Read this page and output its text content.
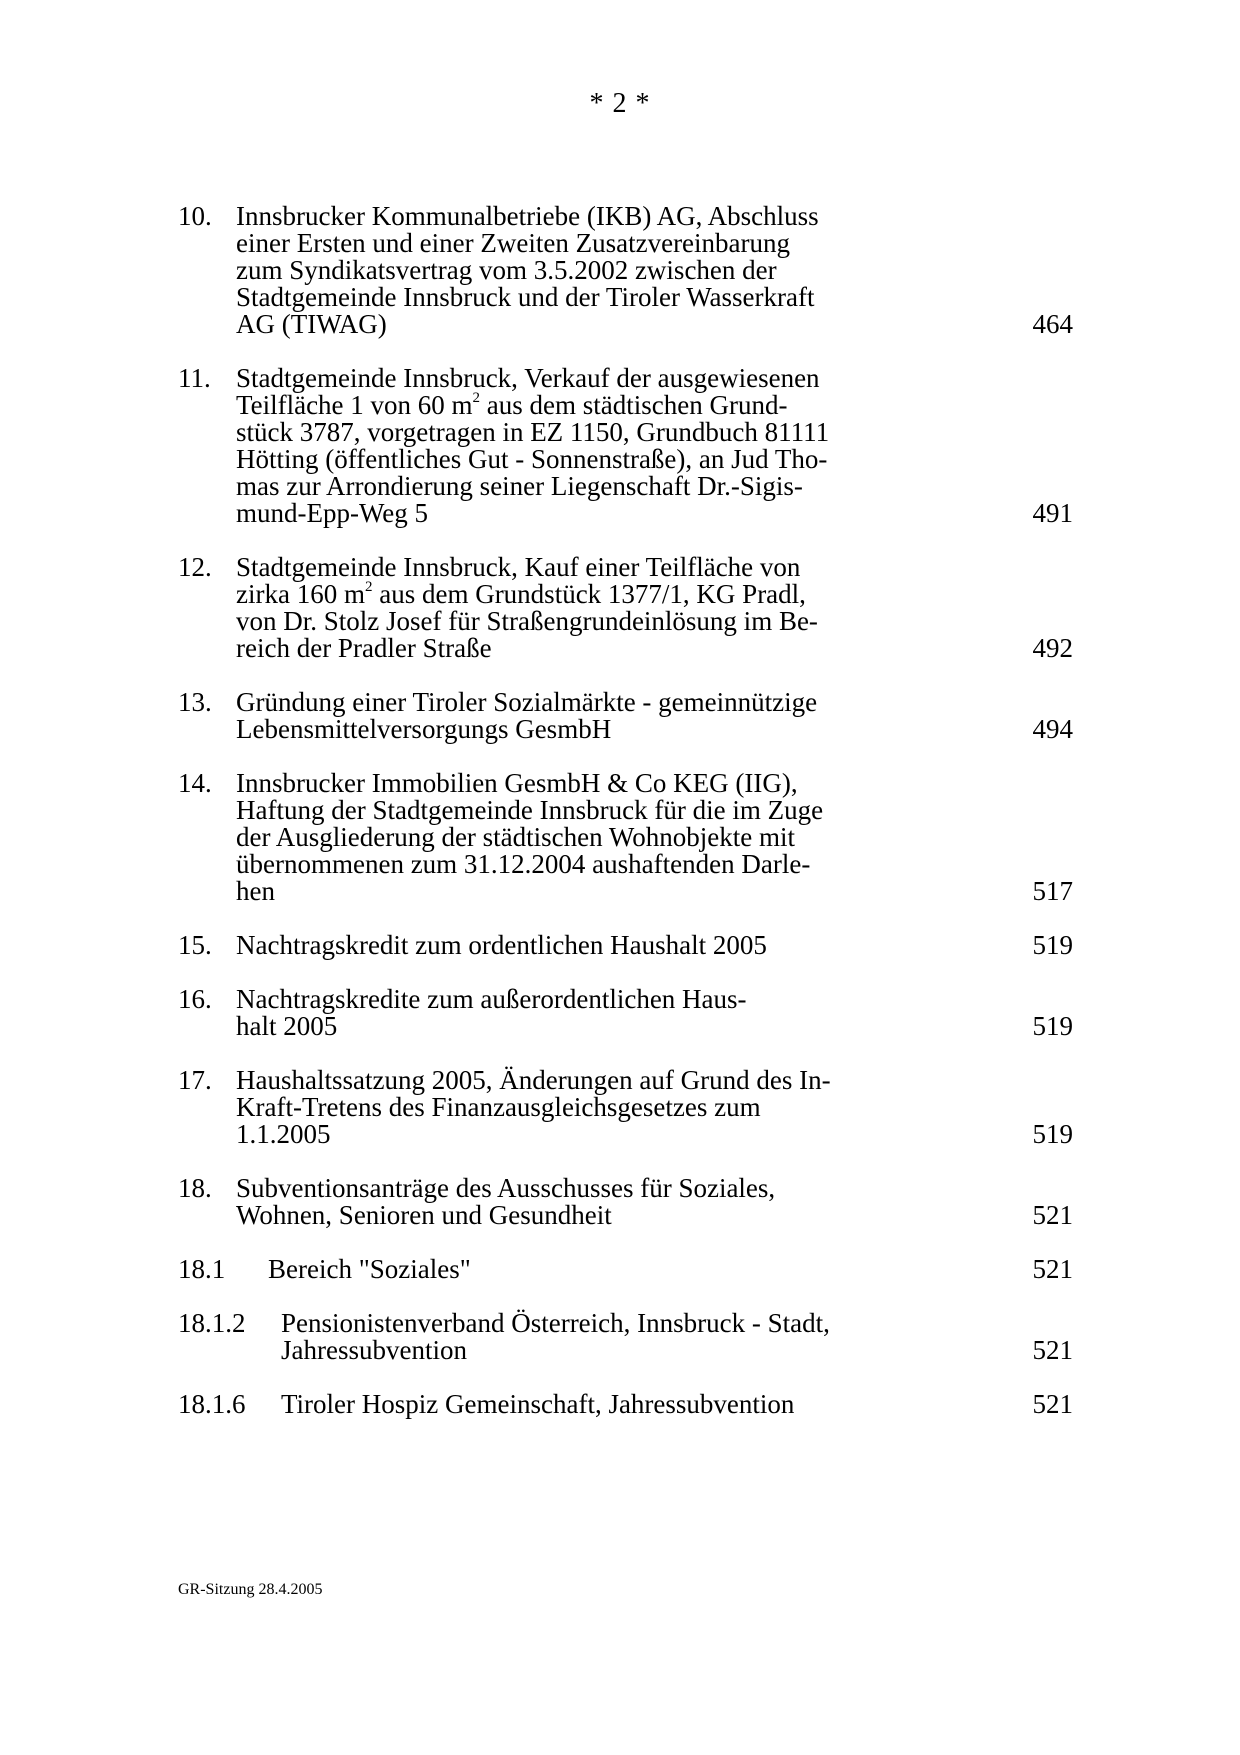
* 2 *
10. Innsbrucker Kommunalbetriebe (IKB) AG, Abschluss
einer Ersten und einer Zweiten Zusatzvereinbarung
zum Syndikatsvertrag vom 3.5.2002 zwischen der
Stadtgemeinde Innsbruck und der Tiroler Wasserkraft
AG (TIWAG)	464
11. Stadtgemeinde Innsbruck, Verkauf der ausgewiesenen
Teilfläche 1 von 60 $m^2$ aus dem städtischen Grund-
stück 3787, vorgetragen in EZ 1150, Grundbuch 81111
Hötting (öffentliches Gut - Sonnenstraße), an Jud Tho-
mas zur Arrondierung seiner Liegenschaft Dr.-Sigis-
mund-Epp-Weg 5	491
12. Stadtgemeinde Innsbruck, Kauf einer Teilfläche von
zirka 160 $m^2$ aus dem Grundstück 1377/1, KG Pradl,
von Dr. Stolz Josef für Straßengrundeinlösung im Be-
reich der Pradler Straße	492
13. Gründung einer Tiroler Sozialmärkte - gemeinnützige
Lebensmittelversorgungs GesmbH	494
14. Innsbrucker Immobilien GesmbH & Co KEG (IIG),
Haftung der Stadtgemeinde Innsbruck für die im Zuge
der Ausgliederung der städtischen Wohnobjekte mit
übernommenen zum 31.12.2004 aushaftenden Darle-
hen	517
15. Nachtragskredit zum ordentlichen Haushalt 2005	519
16. Nachtragskredite zum außerordentlichen Haus-
halt 2005	519
17. Haushaltssatzung 2005, Änderungen auf Grund des In-
Kraft-Tretens des Finanzausgleichsgesetzes zum
1.1.2005	519
18. Subventionsanträge des Ausschusses für Soziales,
Wohnen, Senioren und Gesundheit	521
18.1	Bereich "Soziales"	521
18.1.2	Pensionistenverband Österreich, Innsbruck - Stadt,
Jahressubvention	521
18.1.6	Tiroler Hospiz Gemeinschaft, Jahressubvention	521
GR-Sitzung 28.4.2005
